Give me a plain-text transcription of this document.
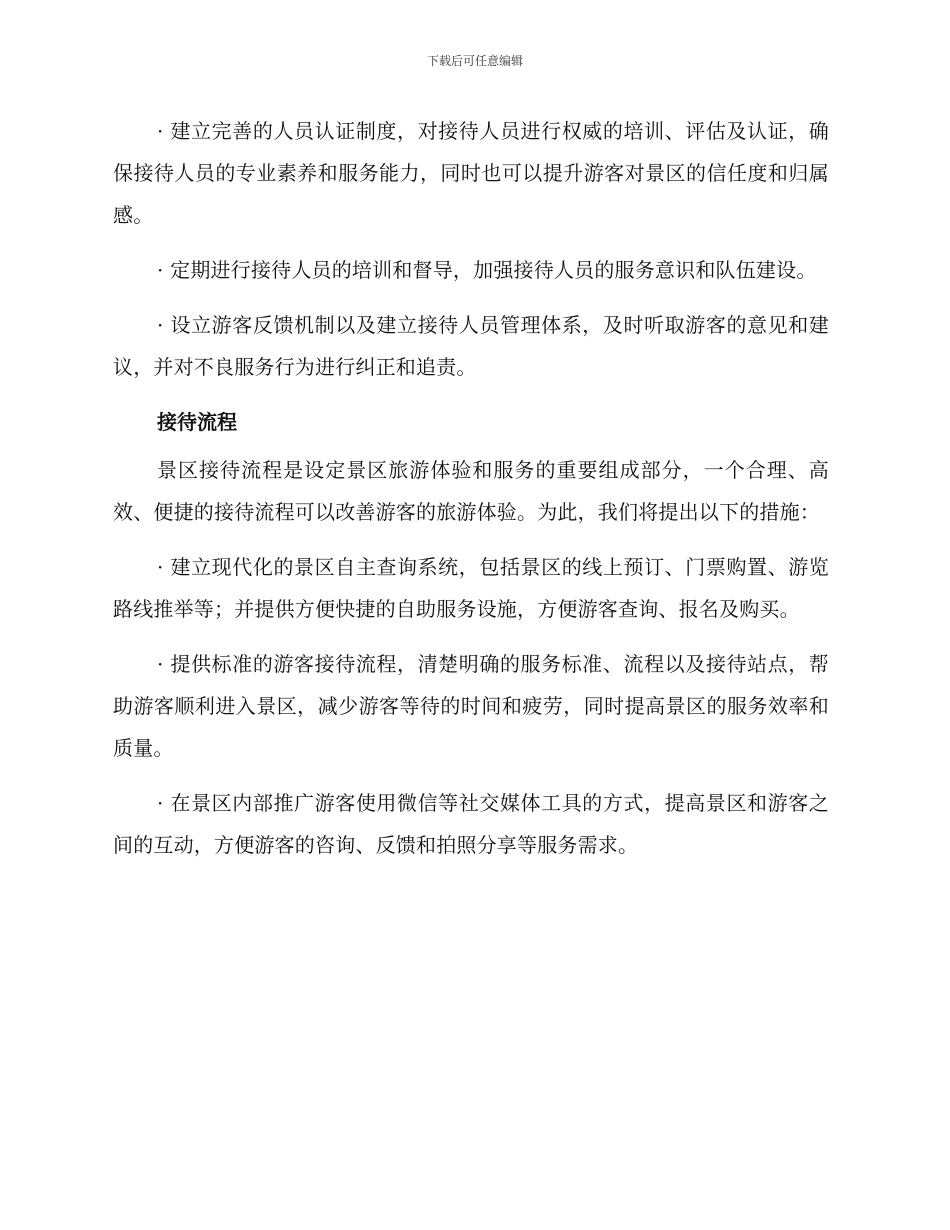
下载后可任意编辑

· 建立完善的人员认证制度，对接待人员进行权威的培训、评估及认证，确保接待人员的专业素养和服务能力，同时也可以提升游客对景区的信任度和归属感。

· 定期进行接待人员的培训和督导，加强接待人员的服务意识和队伍建设。

· 设立游客反馈机制以及建立接待人员管理体系，及时听取游客的意见和建议，并对不良服务行为进行纠正和追责。

接待流程

景区接待流程是设定景区旅游体验和服务的重要组成部分，一个合理、高效、便捷的接待流程可以改善游客的旅游体验。为此，我们将提出以下的措施：

· 建立现代化的景区自主查询系统，包括景区的线上预订、门票购置、游览路线推举等；并提供方便快捷的自助服务设施，方便游客查询、报名及购买。

· 提供标准的游客接待流程，清楚明确的服务标准、流程以及接待站点，帮助游客顺利进入景区，减少游客等待的时间和疲劳，同时提高景区的服务效率和质量。

· 在景区内部推广游客使用微信等社交媒体工具的方式，提高景区和游客之间的互动，方便游客的咨询、反馈和拍照分享等服务需求。
